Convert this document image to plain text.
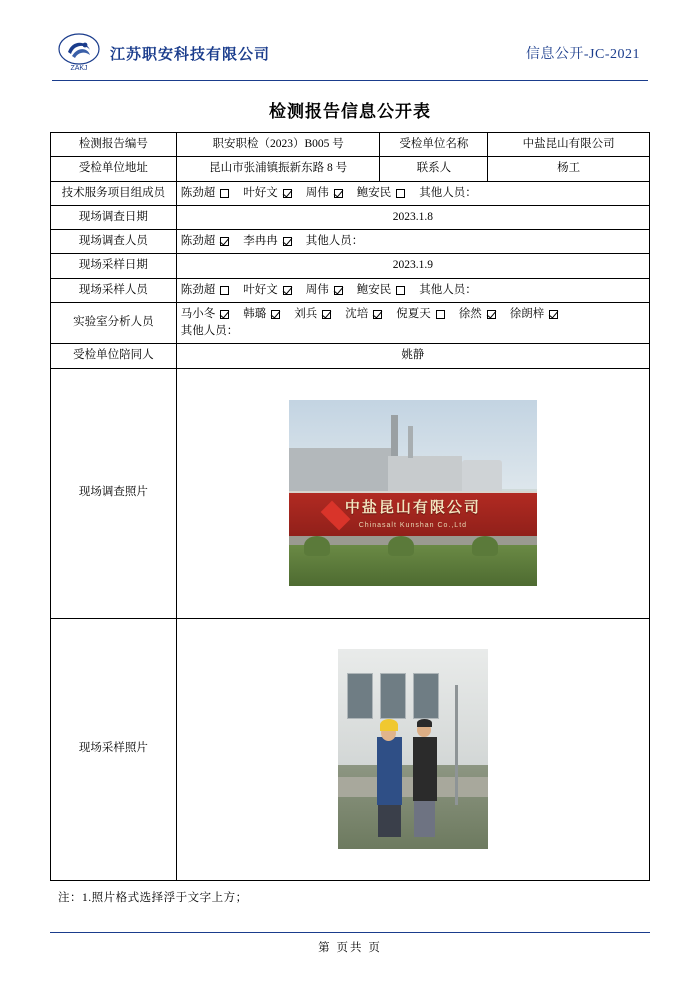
ZAKJ
江苏职安科技有限公司	信息公开-JC-2021
检测报告信息公开表
检测报告编号	职安职检（2023）B005 号	受检单位名称	中盐昆山有限公司
受检单位地址	昆山市张浦镇振新东路 8 号	联系人	杨工
技术服务项目组成员	陈劲超 叶好文 周伟 鲍安民 其他人员：		

现场调查日期	2023.1.8		
现场调查人员	陈劲超 李冉冉 其他人员：		

现场采样日期	2023.1.9		
现场采样人员	陈劲超 叶好文 周伟 鲍安民 其他人员：		

实验室分析人员	
马小冬 韩璐 刘兵 沈培 倪夏天 徐然 徐朗梓
其他人员：

受检单位陪同人	姚静		
现场调查照片	中盐昆山有限公司
Chinasalt Kunshan Co.,Ltd		

现场采样照片			
注：1.照片格式选择浮于文字上方；
第 页共 页
